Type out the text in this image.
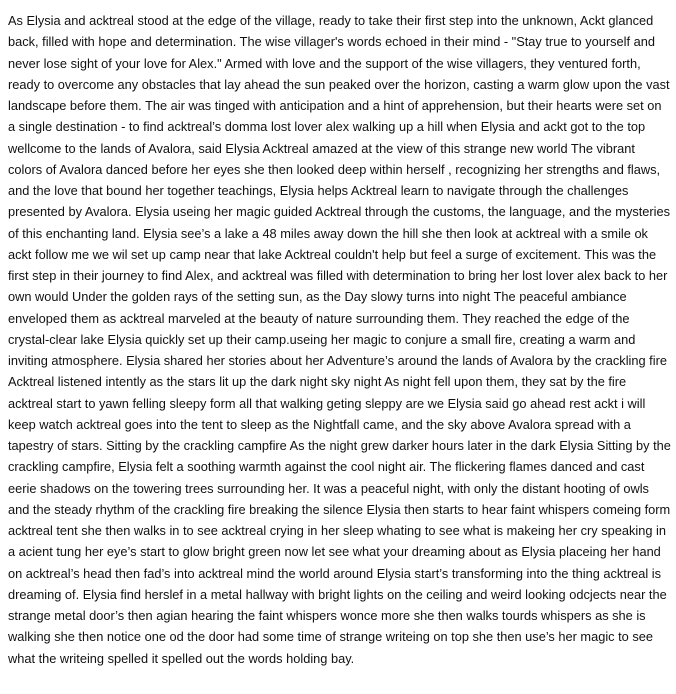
As Elysia and acktreal stood at the edge of the village, ready to take their first step into the unknown, Ackt glanced back, filled with hope and determination. The wise villager's words echoed in their mind - "Stay true to yourself and never lose sight of your love for Alex." Armed with love and the support of the wise villagers, they ventured forth, ready to overcome any obstacles that lay ahead the sun peaked over the horizon, casting a warm glow upon the vast landscape before them. The air was tinged with anticipation and a hint of apprehension, but their hearts were set on a single destination - to find acktreal’s domma lost lover alex walking up a hill when Elysia and ackt got to the top wellcome to the lands of Avalora, said Elysia Acktreal amazed at the view of this strange new world The vibrant colors of Avalora danced before her eyes she then looked deep within herself , recognizing her strengths and flaws, and the love that bound her together teachings, Elysia helps Acktreal learn to navigate through the challenges presented by Avalora. Elysia useing her magic guided Acktreal through the customs, the language, and the mysteries of this enchanting land. Elysia see’s a lake a 48 miles away down the hill she then look at acktreal with a smile ok ackt follow me we wil set up camp near that lake Acktreal couldn't help but feel a surge of excitement. This was the first step in their journey to find Alex, and acktreal was filled with determination to bring her lost lover alex back to her own would Under the golden rays of the setting sun, as the Day slowy turns into night The peaceful ambiance enveloped them as acktreal marveled at the beauty of nature surrounding them. They reached the edge of the crystal-clear lake Elysia quickly set up their camp.useing her magic to conjure a small fire, creating a warm and inviting atmosphere. Elysia shared her stories about her Adventure’s around the lands of Avalora by the crackling fire Acktreal listened intently as the stars lit up the dark night sky night As night fell upon them, they sat by the fire acktreal start to yawn felling sleepy form all that walking geting sleppy are we Elysia said go ahead rest ackt i will keep watch acktreal goes into the tent to sleep as the Nightfall came, and the sky above Avalora spread with a tapestry of stars. Sitting by the crackling campfire As the night grew darker hours later in the dark Elysia Sitting by the crackling campfire, Elysia felt a soothing warmth against the cool night air. The flickering flames danced and cast eerie shadows on the towering trees surrounding her. It was a peaceful night, with only the distant hooting of owls and the steady rhythm of the crackling fire breaking the silence Elysia then starts to hear faint whispers comeing form acktreal tent she then walks in to see acktreal crying in her sleep whating to see what is makeing her cry speaking in a acient tung her eye’s start to glow bright green now let see what your dreaming about as Elysia placeing her hand on acktreal’s head then fad’s into acktreal mind the world around Elysia start’s transforming into the thing acktreal is dreaming of. Elysia find herslef in a metal hallway with bright lights on the ceiling and weird looking odcjects near the strange metal door’s then agian hearing the faint whispers wonce more she then walks tourds whispers as she is walking she then notice one od the door had some time of strange writeing on top she then use’s her magic to see what the writeing spelled it spelled out the words holding bay.
